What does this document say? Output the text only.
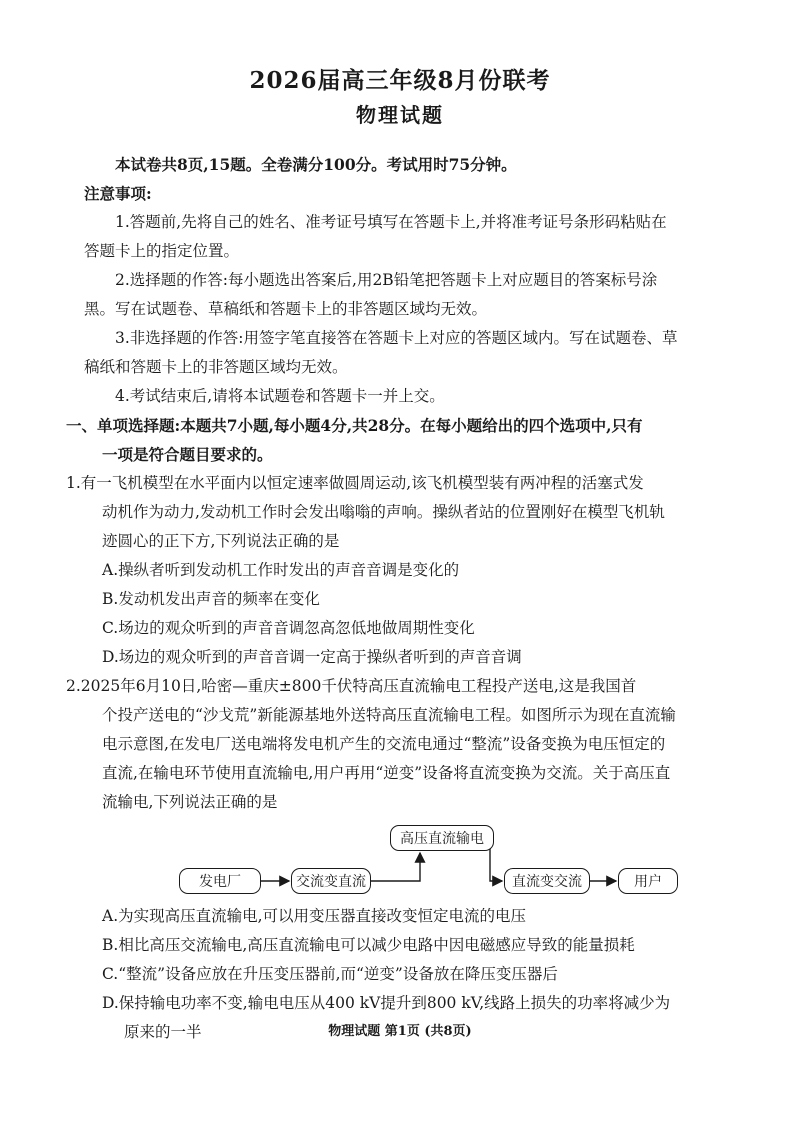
2026届高三年级8月份联考
物理试题
本试卷共8页,15题。全卷满分100分。考试用时75分钟。
注意事项:
1.答题前,先将自己的姓名、准考证号填写在答题卡上,并将准考证号条形码粘贴在
答题卡上的指定位置。
2.选择题的作答:每小题选出答案后,用2B铅笔把答题卡上对应题目的答案标号涂
黑。写在试题卷、草稿纸和答题卡上的非答题区域均无效。
3.非选择题的作答:用签字笔直接答在答题卡上对应的答题区域内。写在试题卷、草
稿纸和答题卡上的非答题区域均无效。
4.考试结束后,请将本试题卷和答题卡一并上交。
一、单项选择题:本题共7小题,每小题4分,共28分。在每小题给出的四个选项中,只有
一项是符合题目要求的。
1.有一飞机模型在水平面内以恒定速率做圆周运动,该飞机模型装有两冲程的活塞式发
动机作为动力,发动机工作时会发出嗡嗡的声响。操纵者站的位置刚好在模型飞机轨
迹圆心的正下方,下列说法正确的是
A.操纵者听到发动机工作时发出的声音音调是变化的
B.发动机发出声音的频率在变化
C.场边的观众听到的声音音调忽高忽低地做周期性变化
D.场边的观众听到的声音音调一定高于操纵者听到的声音音调
2.2025年6月10日,哈密—重庆±800千伏特高压直流输电工程投产送电,这是我国首
个投产送电的“沙戈荒”新能源基地外送特高压直流输电工程。如图所示为现在直流输
电示意图,在发电厂送电端将发电机产生的交流电通过“整流”设备变换为电压恒定的
直流,在输电环节使用直流输电,用户再用“逆变”设备将直流变换为交流。关于高压直
流输电,下列说法正确的是
发电厂	交流变直流
高压直流输电
直流变交流	用户
A.为实现高压直流输电,可以用变压器直接改变恒定电流的电压
B.相比高压交流输电,高压直流输电可以减少电路中因电磁感应导致的能量损耗
C.“整流”设备应放在升压变压器前,而“逆变”设备放在降压变压器后
D.保持输电功率不变,输电电压从400 kV提升到800 kV,线路上损失的功率将减少为
原来的一半	物理试题 第1页 (共8页)
